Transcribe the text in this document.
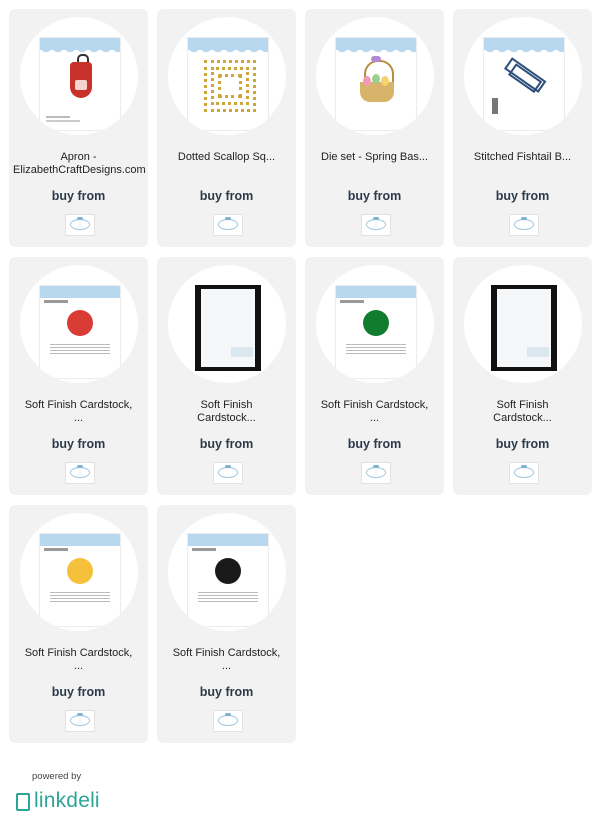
Apron -
ElizabethCraftDesigns.com
buy from
Dotted Scallop Sq...
buy from
Die set - Spring Bas...
buy from
Stitched Fishtail B...
buy from
Soft Finish Cardstock,
...
buy from
Soft Finish
Cardstock...
buy from
Soft Finish Cardstock,
...
buy from
Soft Finish
Cardstock...
buy from
Soft Finish Cardstock,
...
buy from
Soft Finish Cardstock,
...
buy from
powered by
linkdeli
